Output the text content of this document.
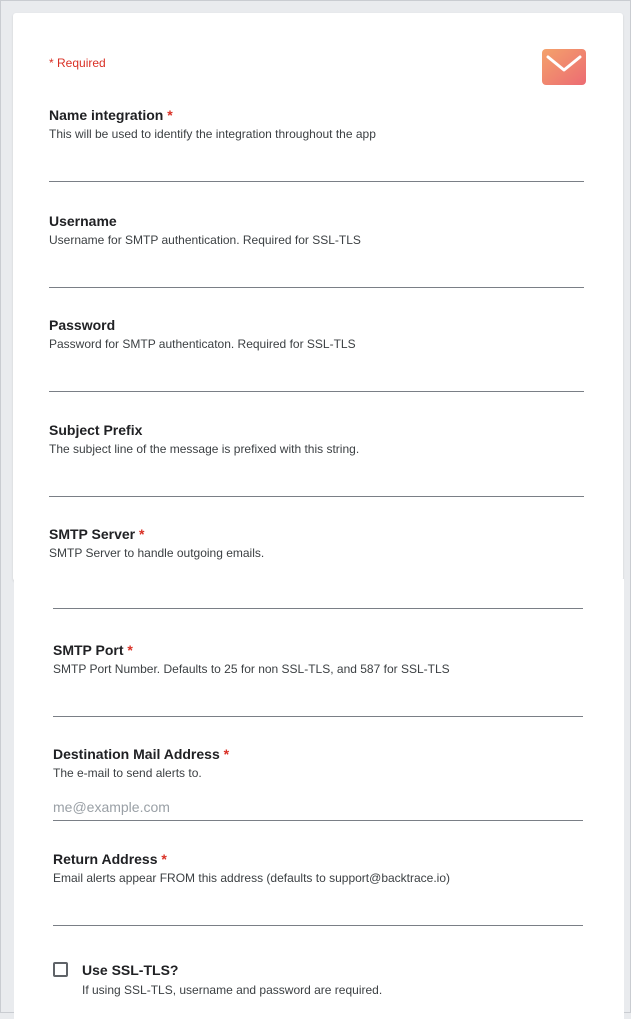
* Required
Name integration *
This will be used to identify the integration throughout the app
Username
Username for SMTP authentication. Required for SSL-TLS
Password
Password for SMTP authenticaton. Required for SSL-TLS
Subject Prefix
The subject line of the message is prefixed with this string.
SMTP Server *
SMTP Server to handle outgoing emails.
SMTP Port *
SMTP Port Number. Defaults to 25 for non SSL-TLS, and 587 for SSL-TLS
Destination Mail Address *
The e-mail to send alerts to.
me@example.com
Return Address *
Email alerts appear FROM this address (defaults to support@backtrace.io)
Use SSL-TLS?
If using SSL-TLS, username and password are required.
